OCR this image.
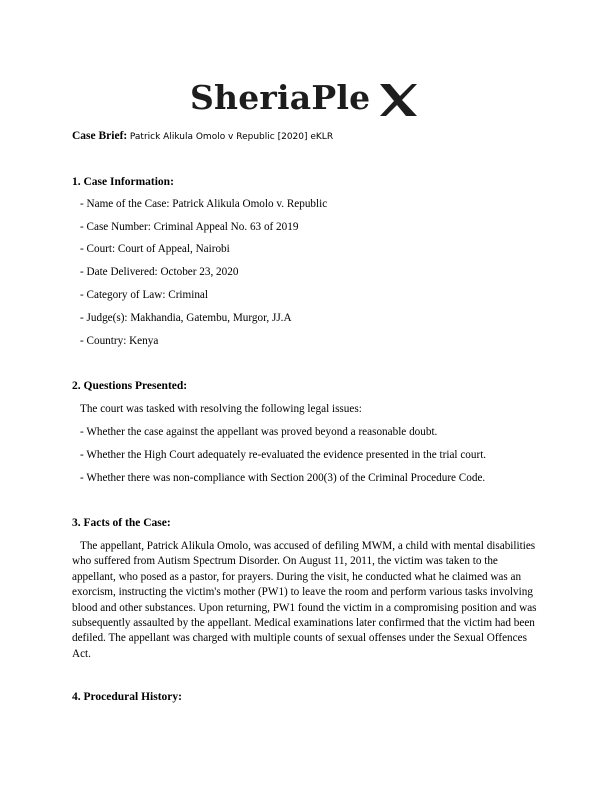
SheriaPle
Case Brief: Patrick Alikula Omolo v Republic [2020] eKLR
1. Case Information:
- Name of the Case: Patrick Alikula Omolo v. Republic
- Case Number: Criminal Appeal No. 63 of 2019
- Court: Court of Appeal, Nairobi
- Date Delivered: October 23, 2020
- Category of Law: Criminal
- Judge(s): Makhandia, Gatembu, Murgor, JJ.A
- Country: Kenya
2. Questions Presented:
The court was tasked with resolving the following legal issues:
- Whether the case against the appellant was proved beyond a reasonable doubt.
- Whether the High Court adequately re-evaluated the evidence presented in the trial court.
- Whether there was non-compliance with Section 200(3) of the Criminal Procedure Code.
3. Facts of the Case:
The appellant, Patrick Alikula Omolo, was accused of defiling MWM, a child with mental disabilities who suffered from Autism Spectrum Disorder. On August 11, 2011, the victim was taken to the appellant, who posed as a pastor, for prayers. During the visit, he conducted what he claimed was an exorcism, instructing the victim's mother (PW1) to leave the room and perform various tasks involving blood and other substances. Upon returning, PW1 found the victim in a compromising position and was subsequently assaulted by the appellant. Medical examinations later confirmed that the victim had been defiled. The appellant was charged with multiple counts of sexual offenses under the Sexual Offences Act.
4. Procedural History:
